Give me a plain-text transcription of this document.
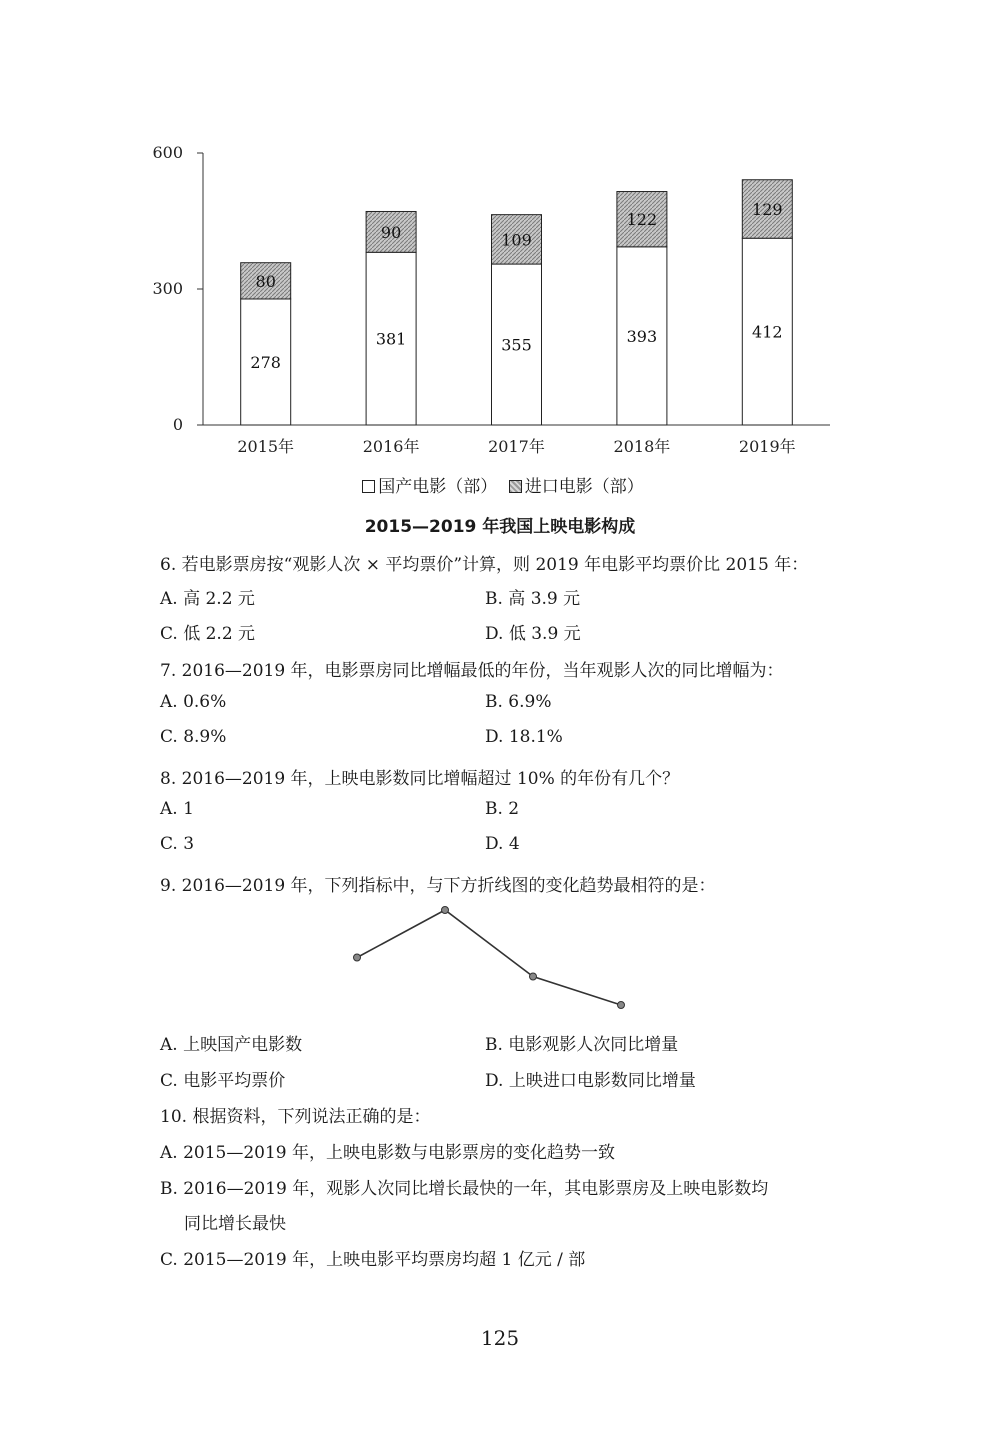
0
300
600
278
80
2015年
381
90
2016年
355
109
2017年
393
122
2018年
412
129
2019年
国产电影（部） 进口电影（部）
2015—2019 年我国上映电影构成
6. 若电影票房按“观影人次 × 平均票价”计算，则 2019 年电影平均票价比 2015 年：
A. 高 2.2 元	B. 高 3.9 元
C. 低 2.2 元	D. 低 3.9 元
7. 2016—2019 年，电影票房同比增幅最低的年份，当年观影人次的同比增幅为：
A. 0.6%	B. 6.9%
C. 8.9%	D. 18.1%
8. 2016—2019 年，上映电影数同比增幅超过 10% 的年份有几个？
A. 1	B. 2
C. 3	D. 4
9. 2016—2019 年，下列指标中，与下方折线图的变化趋势最相符的是：
A. 上映国产电影数	B. 电影观影人次同比增量
C. 电影平均票价	D. 上映进口电影数同比增量
10. 根据资料，下列说法正确的是：
A. 2015—2019 年，上映电影数与电影票房的变化趋势一致
B. 2016—2019 年，观影人次同比增长最快的一年，其电影票房及上映电影数均
同比增长最快
C. 2015—2019 年，上映电影平均票房均超 1 亿元 / 部
125
